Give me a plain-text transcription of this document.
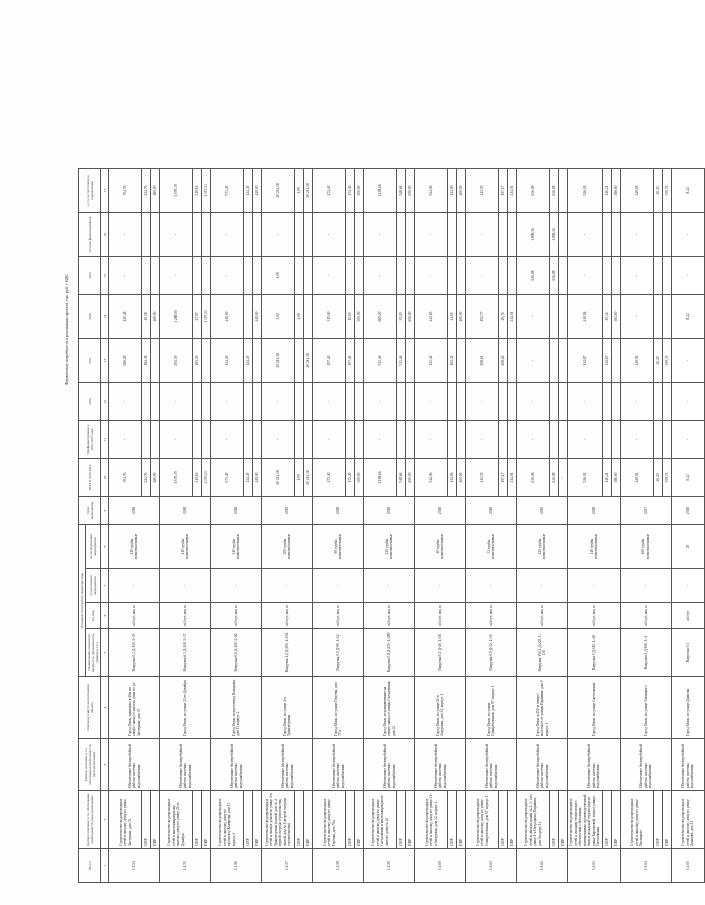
Финансовые потребности в реализации проекта, тыс. руб. с НДС
№ п/п	Краткое описание, в т.ч. обоснование необходимости (цель реализации)	Краткое описание, в т.ч. обоснование необходимости (цель реализации)	Описание и место расположения объекта	Основные технические характеристики				Срок выполнения	ВСЕГО 2016-2019	Профинансировано к 2016-2015 годы	2016	2017	2018	2019	Остаток финансирования	в т.ч. за счет платы за подключение
				Наименование показателя (мощность, протяженность, диаметр и т.п.)	Ед. изм.	до реализации мероприятия	после реализации мероприятия									
1	2	3	4	5	6	7	8	9	10	11	12	13	14	15	16	17
1.1.54	Строительство водопроводных сетей к жилому дому по улице Заозерная, дом 33	Обеспечение бесперебойной работы системы водоснабжения	Город Омск, примерно в 10м на северо-запад от жилого дома по ул. Заозерная, дом 33	Нагрузка 0,3 Д-110, L-35	м3/сут, мм, м	-	110 трубы полиэтиленовые	2018	704,76	-	-	586,28	120,48	-	-	704,76
	СМР								224,76			184,38	40,38			224,76
	ПИР								480,00				480,00			480,00
1.1.55	Строительство водопроводных сетей к многоквартирному жилому дому по улице 22-го Декабря	Обеспечение бесперебойной работы системы водоснабжения	Город Омск, по улице 22-го Декабря	Нагрузка 6,3 Д-110, L-37	м3/сут, мм, м	-	110 трубы полиэтиленовые	2018	1 579,39	-	-	291,39	1 288,00	-	-	1 579,39
	СМР								219,16			191,39	27,97			219,16
	ПИР								1 357,13				1 357,13			1 357,13
1.1.56	Строительство водопроводных сетей к жилому дому по проспекту Комарова, дом 13 корпус 2	Обеспечение бесперебойной работы системы водоснабжения	Город Омск, по проспекту Комарова, дом 13 корпус 2	Нагрузка 0,6 Д-110, L-26	м3/сут, мм, м	-	110 трубы полиэтиленовые	2018	573,45	-	-	124,45	449,00	-	-	573,45
	СМР								124,45			124,45				124,45
	ПИР								449,00				449,00			449,00
1.1.57	Строительство водопроводных сетей и жилых домов по улице 4-я Транспортная (жилой дом № 4 первой очереди строительства, жилой дом № 6 второй очереди строительства)	Обеспечение бесперебойной работы системы водоснабжения	Город Омск, по улице 4-я Транспортная	Нагрузка 1,2 Д-200, L-104	м3/сут, мм, м	-	200 трубы полиэтиленовые	2019	20 211,38	-	-	20 211,38	1,00	1,09	-	20 211,38
	СМР								1,09				1,09			1,09
	ПИР								20 211,38			20 211,38				20 211,38
1.1.58	Строительство водопроводных сетей к жилому дому по улице Героева, дом 70а	Обеспечение бесперебойной работы системы водоснабжения	Город Омск, по улице Героева, дом 70 а	Нагрузка 0,5 Д-90, L-12	м3/сут, мм, м	-	90 трубы полиэтиленовые	2018	472,40	-	-	157,40	315,00	-	-	472,40
	СМР								172,40			157,40	15,00			172,40
	ПИР								300,00				300,00			300,00
1.1.59	Строительство водопроводных сетей к жилому дому по улице Съездовская и многоквартирного жилого дома № 43	Обеспечение бесперебойной работы системы водоснабжения	Город Омск, по направлению на северо-запад от улицы Съездовская, дом 43	Нагрузка 0,8 Д-225, L-280	м3/сут, мм, м	-	225 трубы полиэтиленовые	2018	1 198,66	-	-	513,46	685,20	-	-	1 198,66
	СМР								548,66			513,46	35,20			548,66
	ПИР								650,00				650,00			650,00
1.1.60	Строительство водопроводных сетей к жилому дому по улице 21-я Амурская, дом 32, корпус 1	Обеспечение бесперебойной работы системы водоснабжения	Город Омск, по улице 21-я Амурская, дом 32, корпус 1	Нагрузка 0,1 Д-40, L-18	м3/сут, мм, м	-	40 трубы полиэтиленовые	2018	544,06	-	-	123,41	441,65	-	-	544,06
	СМР								144,06			102,41	41,65			144,06
	ПИР								400,00				400,00			400,00
1.1.61	Строительство водопроводных сетей к жилому дому по улице Семиреченская, дом 97, корпус 1	Обеспечение бесперебойной работы системы водоснабжения	Город Омск, по улице Семиреченская, дом 97, корпус 1	Нагрузка 0,9 Д-32, L-30	м3/сут, мм, м	-	32 трубы полиэтиленовые	2018	411,39	-	-	208,61	192,77	-	-	411,39
	СМР								197,17			208,61	29,76			197,17
	ПИР								214,01				214,01			214,01
1.1.62	Строительство водопроводных сетей к жилым домам № 2, 3, 4 по улице 1-я Огородная (Паршина, дом 9 корпус 1)	Обеспечение бесперебойной работы системы водоснабжения	Город Омск, в 250 м северо-восточнее от улицы Паршина, дом 9 корпус 1	Нагрузка 150,2 Д-225, L-130	м3/сут, мм, м	-	225 трубы полиэтиленовые	2019	636,08	-	-	-	-	636,08	1 898,36	636,08
	СМР								636,08					636,08	1 898,36	636,08
	ПИР								-							
1.1.63	Строительство водопроводных сетей к складам технического обеспечения с бытовыми помещениями, производственной базы в складской территории по улице Бархатовой, южнее улицы Светловская	Обеспечение бесперебойной работы системы водоснабжения	Город Омск, по улице Светловская	Нагрузка 0 Д-110, L-40	м3/сут, мм, м	-	110 трубы полиэтиленовые	2018	526,01	-	-	114,87	410,94	-	-	526,01
	СМР								140,21			114,87	25,34			140,21
	ПИР								386,60				384,60			386,60
1.1.64	Строительство водопроводных сетей к жилому дому по улице Лисицкого	Обеспечение бесперебойной работы системы водоснабжения	Город Омск, по улице Лисицкого	Нагрузка 4 Д-160, L-4	м3/сут, мм, м	-	160 трубы полиэтиленовые	2017	449,94	-	-	449,94	-	-	-	449,94
	СМР								40,20			40,20				40,20
	ПИР								359,74			359,74				359,74
1.1.65	Строительство водопроводных сетей к жилому дому по улице Дианова, дом 21	Обеспечение бесперебойной работы системы водоснабжения	Город Омск, по улице Дианова	Нагрузка 0,3	м3/сут	-	25	2018	8,22	-	-	-	8,22	-	-	8,22
